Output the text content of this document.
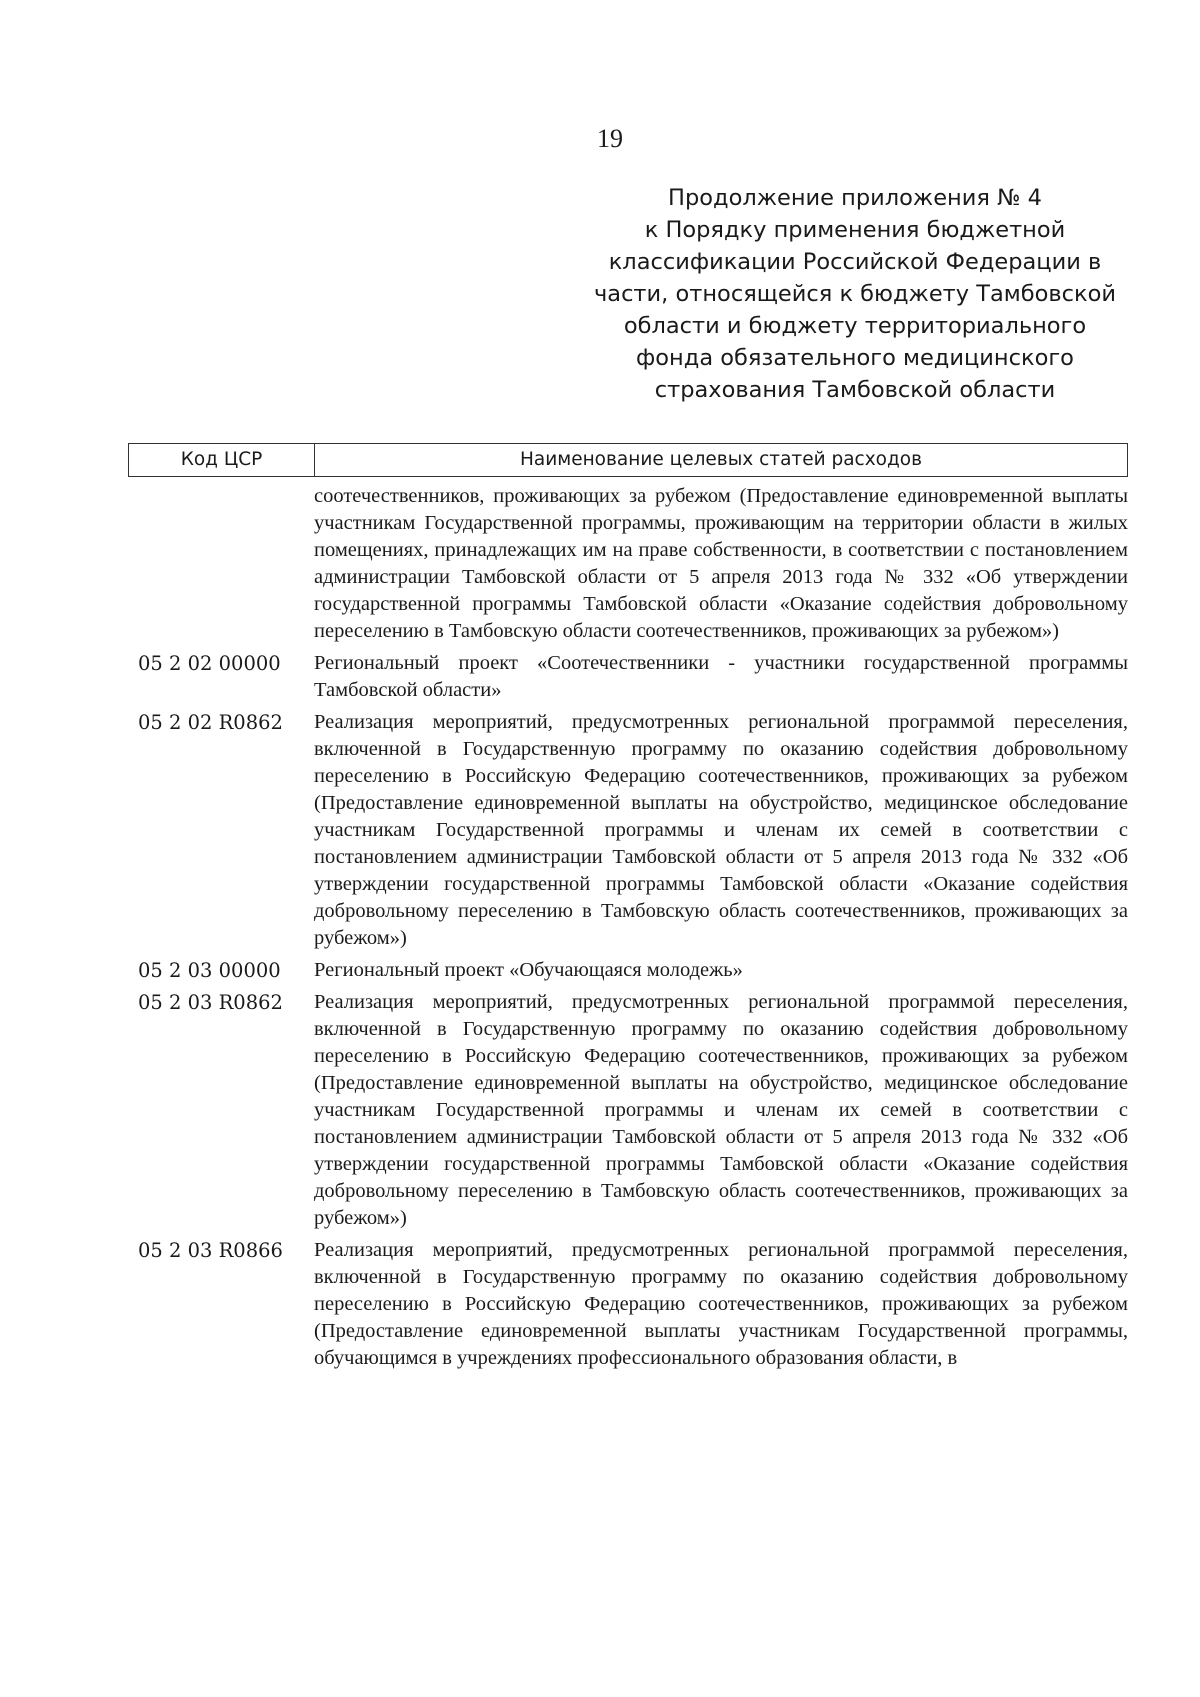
19
Продолжение приложения № 4
к Порядку применения бюджетной
классификации Российской Федерации в
части, относящейся к бюджету Тамбовской
области и бюджету территориального
фонда обязательного медицинского
страхования Тамбовской области
Код ЦСР	Наименование целевых статей расходов
соотечественников, проживающих за рубежом (Предоставление единовременной выплаты участникам Государственной программы, проживающим на территории области в жилых помещениях, принадлежащих им на праве собственности, в соответствии с постановлением администрации Тамбовской области от 5 апреля 2013 года № 332 «Об утверждении государственной программы Тамбовской области «Оказание содействия добровольному переселению в Тамбовскую области соотечественников, проживающих за рубежом»)
05 2 02 00000	Региональный проект «Соотечественники - участники государственной программы Тамбовской области»
05 2 02 R0862	Реализация мероприятий, предусмотренных региональной программой переселения, включенной в Государственную программу по оказанию содействия добровольному переселению в Российскую Федерацию соотечественников, проживающих за рубежом (Предоставление единовременной выплаты на обустройство, медицинское обследование участникам Государственной программы и членам их семей в соответствии с постановлением администрации Тамбовской области от 5 апреля 2013 года № 332 «Об утверждении государственной программы Тамбовской области «Оказание содействия добровольному переселению в Тамбовскую область соотечественников, проживающих за рубежом»)
05 2 03 00000	Региональный проект «Обучающаяся молодежь»
05 2 03 R0862	Реализация мероприятий, предусмотренных региональной программой переселения, включенной в Государственную программу по оказанию содействия добровольному переселению в Российскую Федерацию соотечественников, проживающих за рубежом (Предоставление единовременной выплаты на обустройство, медицинское обследование участникам Государственной программы и членам их семей в соответствии с постановлением администрации Тамбовской области от 5 апреля 2013 года № 332 «Об утверждении государственной программы Тамбовской области «Оказание содействия добровольному переселению в Тамбовскую область соотечественников, проживающих за рубежом»)
05 2 03 R0866	Реализация мероприятий, предусмотренных региональной программой переселения, включенной в Государственную программу по оказанию содействия добровольному переселению в Российскую Федерацию соотечественников, проживающих за рубежом (Предоставление единовременной выплаты участникам Государственной программы, обучающимся в учреждениях профессионального образования области, в
